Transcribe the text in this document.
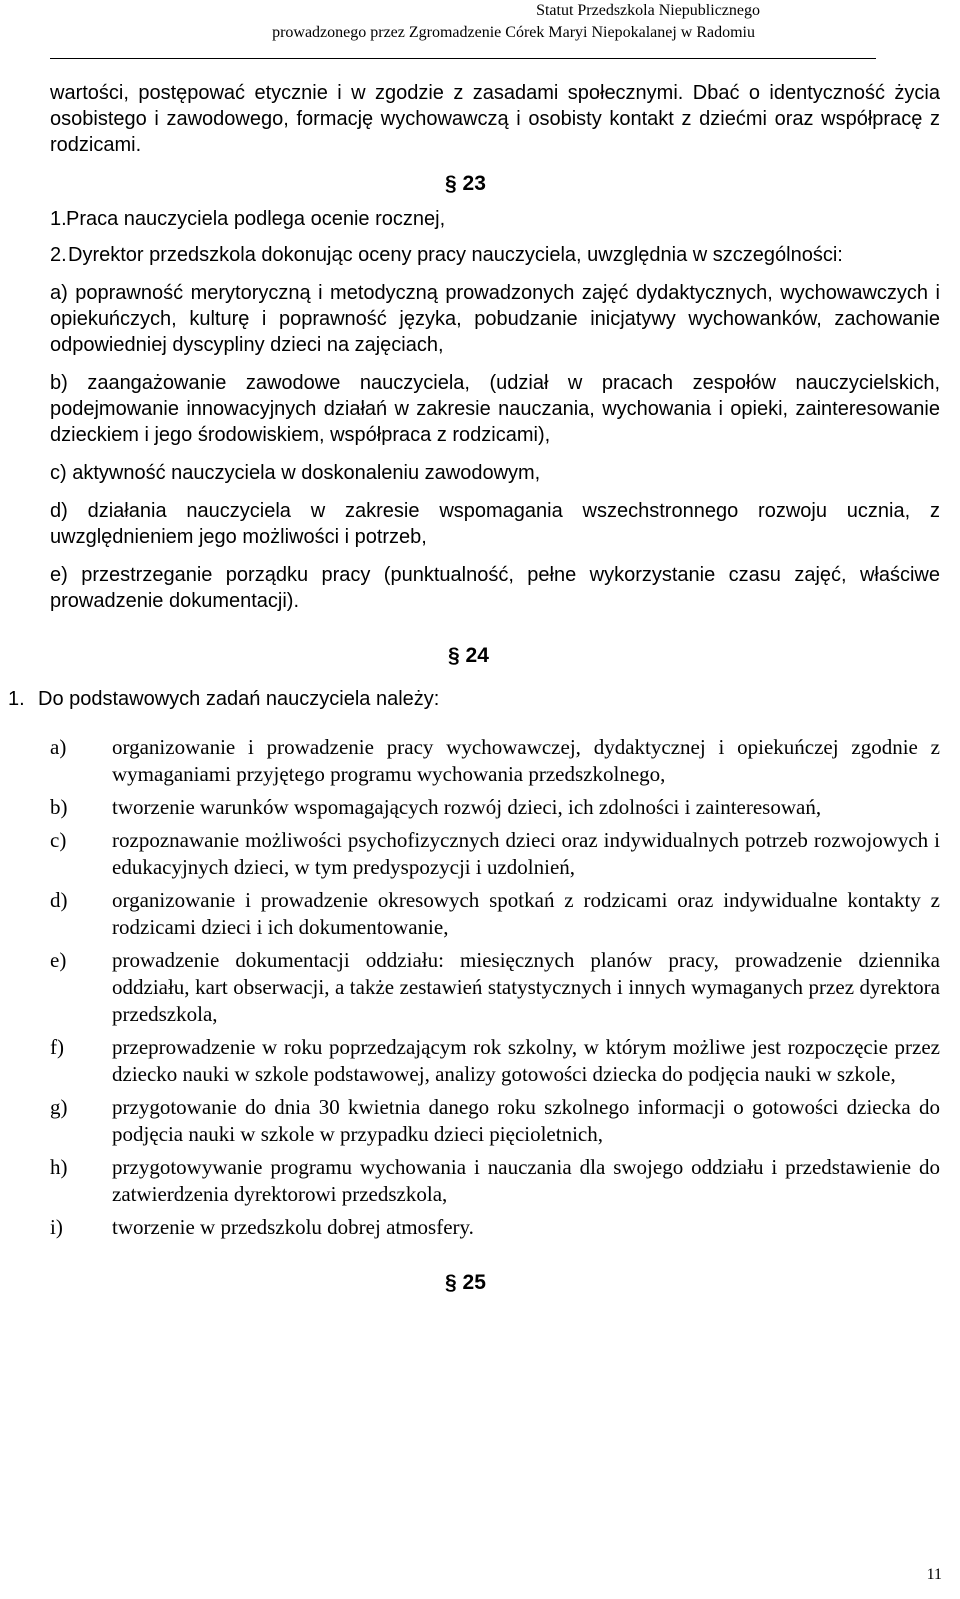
Statut Przedszkola Niepublicznego
prowadzonego przez Zgromadzenie Córek Maryi Niepokalanej w Radomiu

wartości, postępować etycznie i w zgodzie z zasadami społecznymi. Dbać o identyczność życia osobistego i zawodowego, formację wychowawczą i osobisty kontakt z dziećmi oraz współpracę z rodzicami.

§ 23

1. Praca nauczyciela podlega ocenie rocznej,
2. Dyrektor przedszkola dokonując oceny pracy nauczyciela, uwzględnia w szczególności:

a) poprawność merytoryczną i metodyczną prowadzonych zajęć dydaktycznych, wychowawczych i opiekuńczych, kulturę i poprawność języka, pobudzanie inicjatywy wychowanków, zachowanie odpowiedniej dyscypliny dzieci na zajęciach,

b) zaangażowanie zawodowe nauczyciela, (udział w pracach zespołów nauczycielskich, podejmowanie innowacyjnych działań w zakresie nauczania, wychowania i opieki, zainteresowanie dzieckiem i jego środowiskiem, współpraca z rodzicami),

c) aktywność nauczyciela w doskonaleniu zawodowym,

d) działania nauczyciela w zakresie wspomagania wszechstronnego rozwoju ucznia, z uwzględnieniem jego możliwości i potrzeb,

e) przestrzeganie porządku pracy (punktualność, pełne wykorzystanie czasu zajęć, właściwe prowadzenie dokumentacji).

§ 24

1. Do podstawowych zadań nauczyciela należy:
a)	organizowanie i prowadzenie pracy wychowawczej, dydaktycznej i opiekuńczej zgodnie z wymaganiami przyjętego programu wychowania przedszkolnego,
b)	tworzenie warunków wspomagających rozwój dzieci, ich zdolności i zainteresowań,
c)	rozpoznawanie możliwości psychofizycznych dzieci oraz indywidualnych potrzeb rozwojowych i edukacyjnych dzieci, w tym predyspozycji i uzdolnień,
d)	organizowanie i prowadzenie okresowych spotkań z rodzicami oraz indywidualne kontakty z rodzicami dzieci i ich dokumentowanie,
e)	prowadzenie dokumentacji oddziału: miesięcznych planów pracy, prowadzenie dziennika oddziału, kart obserwacji, a także zestawień statystycznych i innych wymaganych przez dyrektora przedszkola,
f)	przeprowadzenie w roku poprzedzającym rok szkolny, w którym możliwe jest rozpoczęcie przez dziecko nauki w szkole podstawowej, analizy gotowości dziecka do podjęcia nauki w szkole,
g)	przygotowanie do dnia 30 kwietnia danego roku szkolnego informacji o gotowości dziecka do podjęcia nauki w szkole w przypadku dzieci pięcioletnich,
h)	przygotowywanie programu wychowania i nauczania dla swojego oddziału i przedstawienie do zatwierdzenia dyrektorowi przedszkola,
i)	tworzenie w przedszkolu dobrej atmosfery.

§ 25

11
